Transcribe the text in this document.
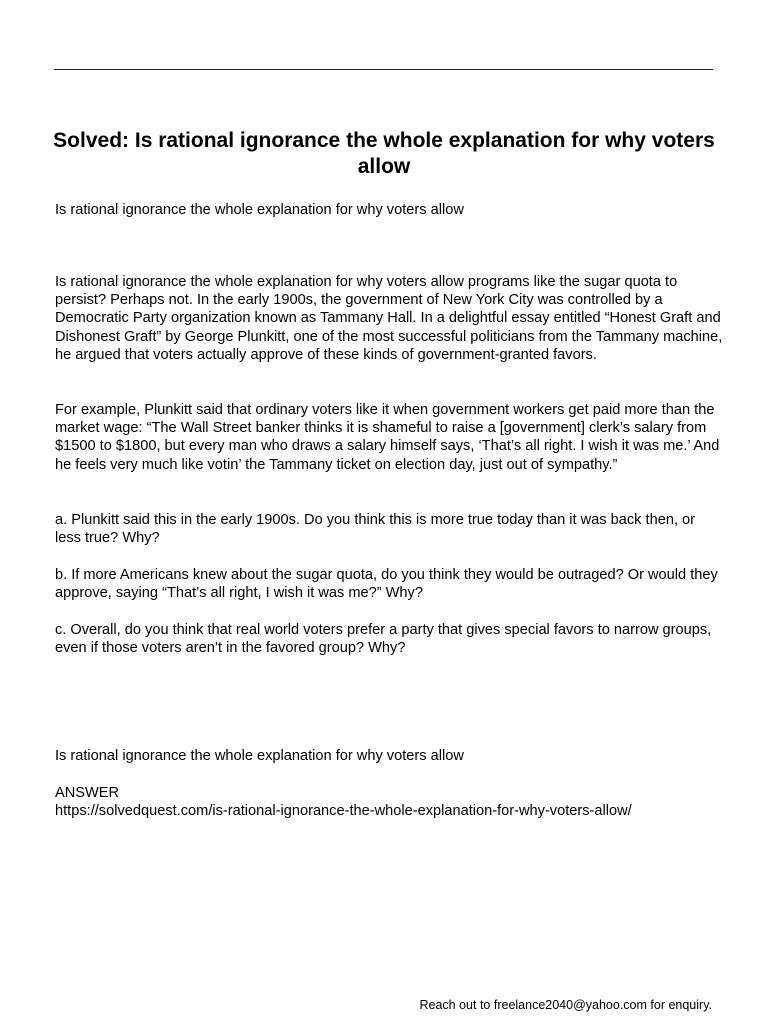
Solved: Is rational ignorance the whole explanation for why voters allow

Is rational ignorance the whole explanation for why voters allow

Is rational ignorance the whole explanation for why voters allow programs like the sugar quota to persist? Perhaps not. In the early 1900s, the government of New York City was controlled by a Democratic Party organization known as Tammany Hall. In a delightful essay entitled “Honest Graft and Dishonest Graft” by George Plunkitt, one of the most successful politicians from the Tammany machine, he argued that voters actually approve of these kinds of government-granted favors.

For example, Plunkitt said that ordinary voters like it when government workers get paid more than the market wage: “The Wall Street banker thinks it is shameful to raise a [government] clerk’s salary from $1500 to $1800, but every man who draws a salary himself says, ‘That’s all right. I wish it was me.’ And he feels very much like votin’ the Tammany ticket on election day, just out of sympathy.”

a. Plunkitt said this in the early 1900s. Do you think this is more true today than it was back then, or less true? Why?

b. If more Americans knew about the sugar quota, do you think they would be outraged? Or would they approve, saying “That’s all right, I wish it was me?” Why?

c. Overall, do you think that real world voters prefer a party that gives special favors to narrow groups, even if those voters aren’t in the favored group? Why?

Is rational ignorance the whole explanation for why voters allow

ANSWER

https://solvedquest.com/is-rational-ignorance-the-whole-explanation-for-why-voters-allow/

Reach out to freelance2040@yahoo.com for enquiry.
